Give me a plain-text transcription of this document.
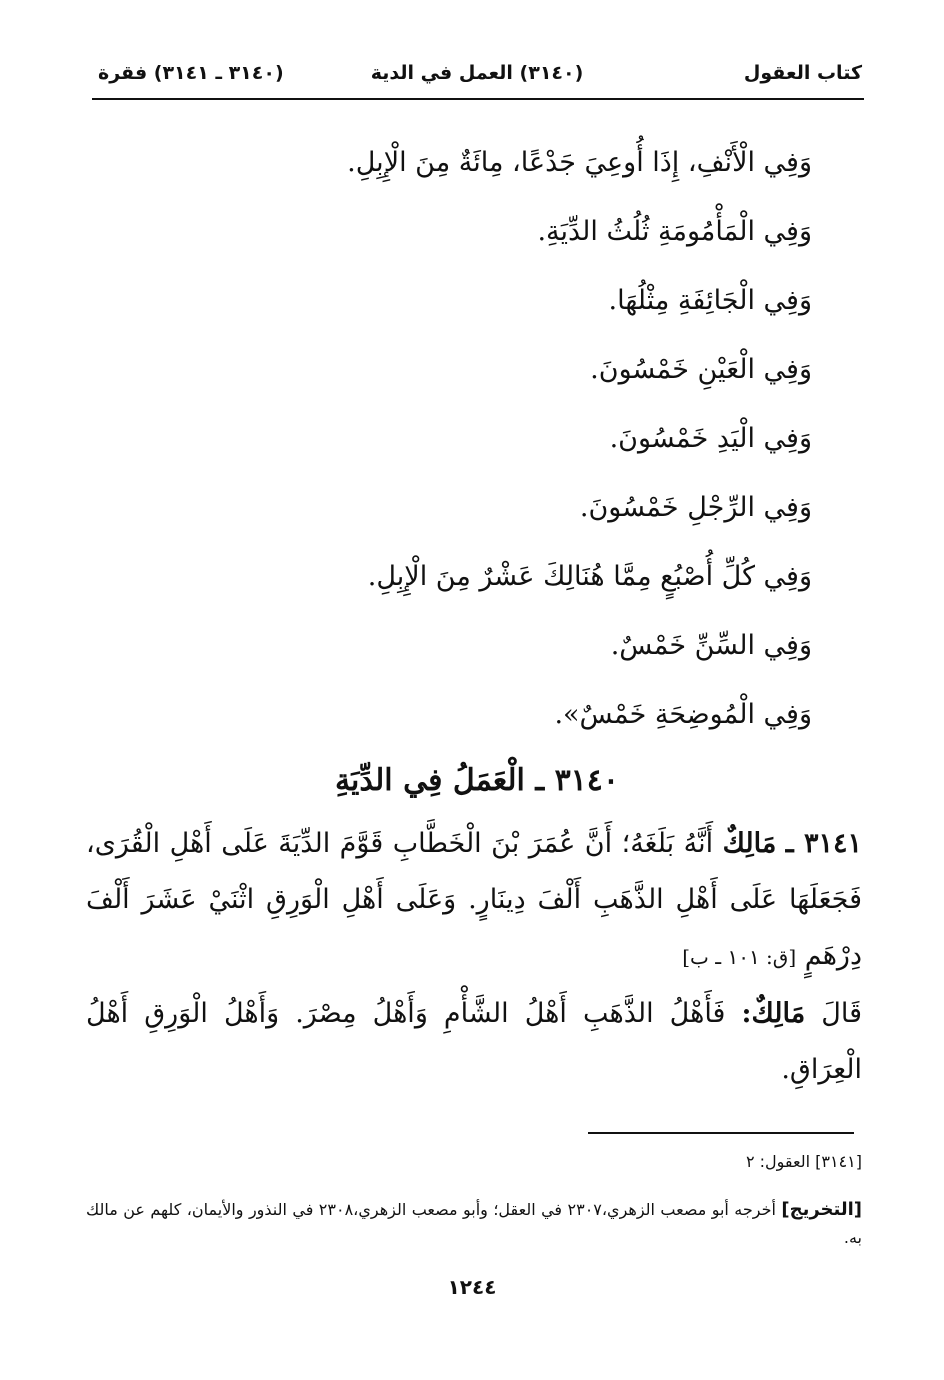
كتاب العقول
(٣١٤٠) العمل في الدية
(٣١٤٠ ـ ٣١٤١) فقرة
وَفِي الْأَنْفِ، إِذَا أُوعِيَ جَدْعًا، مِائَةٌ مِنَ الْإِبِلِ.
وَفِي الْمَأْمُومَةِ ثُلُثُ الدِّيَةِ.
وَفِي الْجَائِفَةِ مِثْلُهَا.
وَفِي الْعَيْنِ خَمْسُونَ.
وَفِي الْيَدِ خَمْسُونَ.
وَفِي الرِّجْلِ خَمْسُونَ.
وَفِي كُلِّ أُصْبُعٍ مِمَّا هُنَالِكَ عَشْرٌ مِنَ الْإِبِلِ.
وَفِي السِّنِّ خَمْسٌ.
وَفِي الْمُوضِحَةِ خَمْسٌ».
٣١٤٠ ـ الْعَمَلُ فِي الدِّيَةِ
٣١٤١ ـ مَالِكٌ أَنَّهُ بَلَغَهُ؛ أَنَّ عُمَرَ بْنَ الْخَطَّابِ قَوَّمَ الدِّيَةَ عَلَى أَهْلِ الْقُرَى، فَجَعَلَهَا عَلَى أَهْلِ الذَّهَبِ أَلْفَ دِينَارٍ. وَعَلَى أَهْلِ الْوَرِقِ اثْنَيْ عَشَرَ أَلْفَ دِرْهَمٍ [ق: ١٠١ ـ ب]
قَالَ مَالِكٌ: فَأَهْلُ الذَّهَبِ أَهْلُ الشَّأْمِ وَأَهْلُ مِصْرَ. وَأَهْلُ الْوَرِقِ أَهْلُ الْعِرَاقِ.
[٣١٤١] العقول: ٢
[التخريج] أخرجه أبو مصعب الزهري،٢٣٠٧ في العقل؛ وأبو مصعب الزهري،٢٣٠٨ في النذور والأيمان، كلهم عن مالك به.
١٢٤٤
